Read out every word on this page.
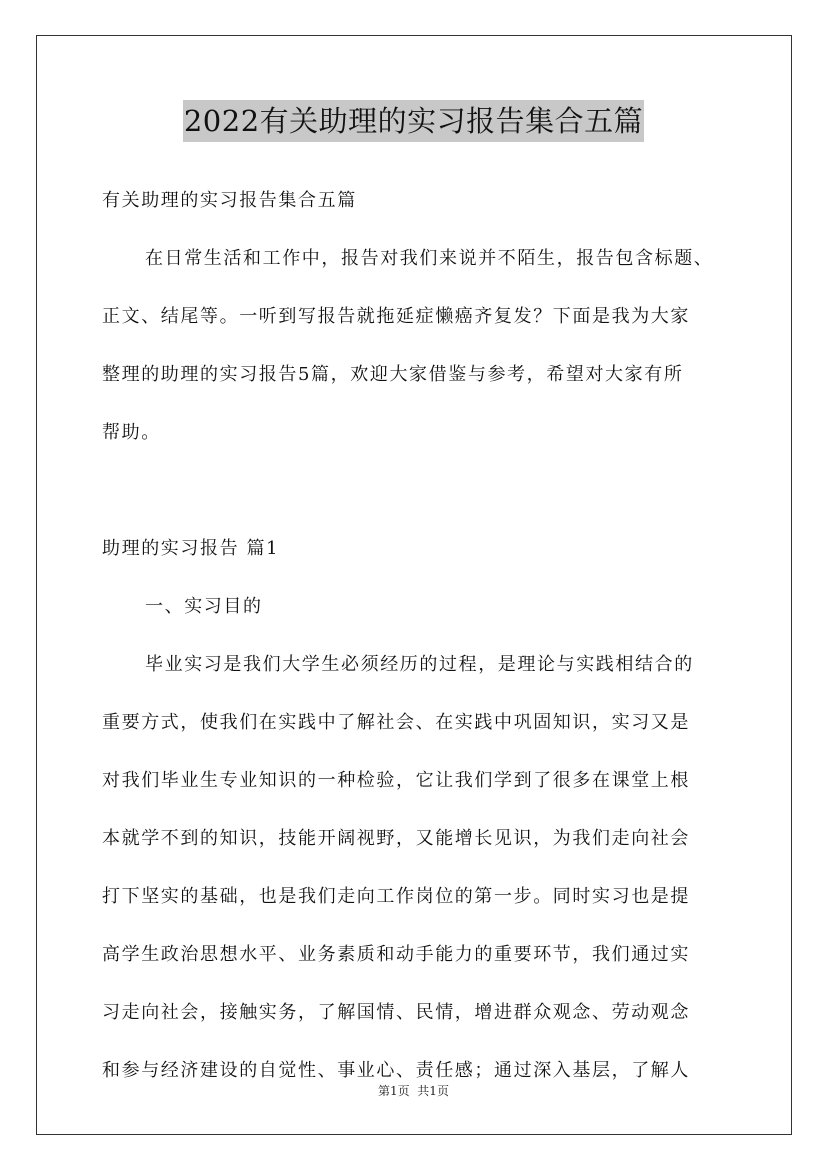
2022有关助理的实习报告集合五篇

有关助理的实习报告集合五篇

在日常生活和工作中，报告对我们来说并不陌生，报告包含标题、

正文、结尾等。一听到写报告就拖延症懒癌齐复发？下面是我为大家

整理的助理的实习报告5篇，欢迎大家借鉴与参考，希望对大家有所

帮助。

助理的实习报告 篇1

一、实习目的

毕业实习是我们大学生必须经历的过程，是理论与实践相结合的

重要方式，使我们在实践中了解社会、在实践中巩固知识，实习又是

对我们毕业生专业知识的一种检验，它让我们学到了很多在课堂上根

本就学不到的知识，技能开阔视野，又能增长见识，为我们走向社会

打下坚实的基础，也是我们走向工作岗位的第一步。同时实习也是提

高学生政治思想水平、业务素质和动手能力的重要环节，我们通过实

习走向社会，接触实务，了解国情、民情，增进群众观念、劳动观念

和参与经济建设的自觉性、事业心、责任感；通过深入基层，了解人

第1页  共1页
